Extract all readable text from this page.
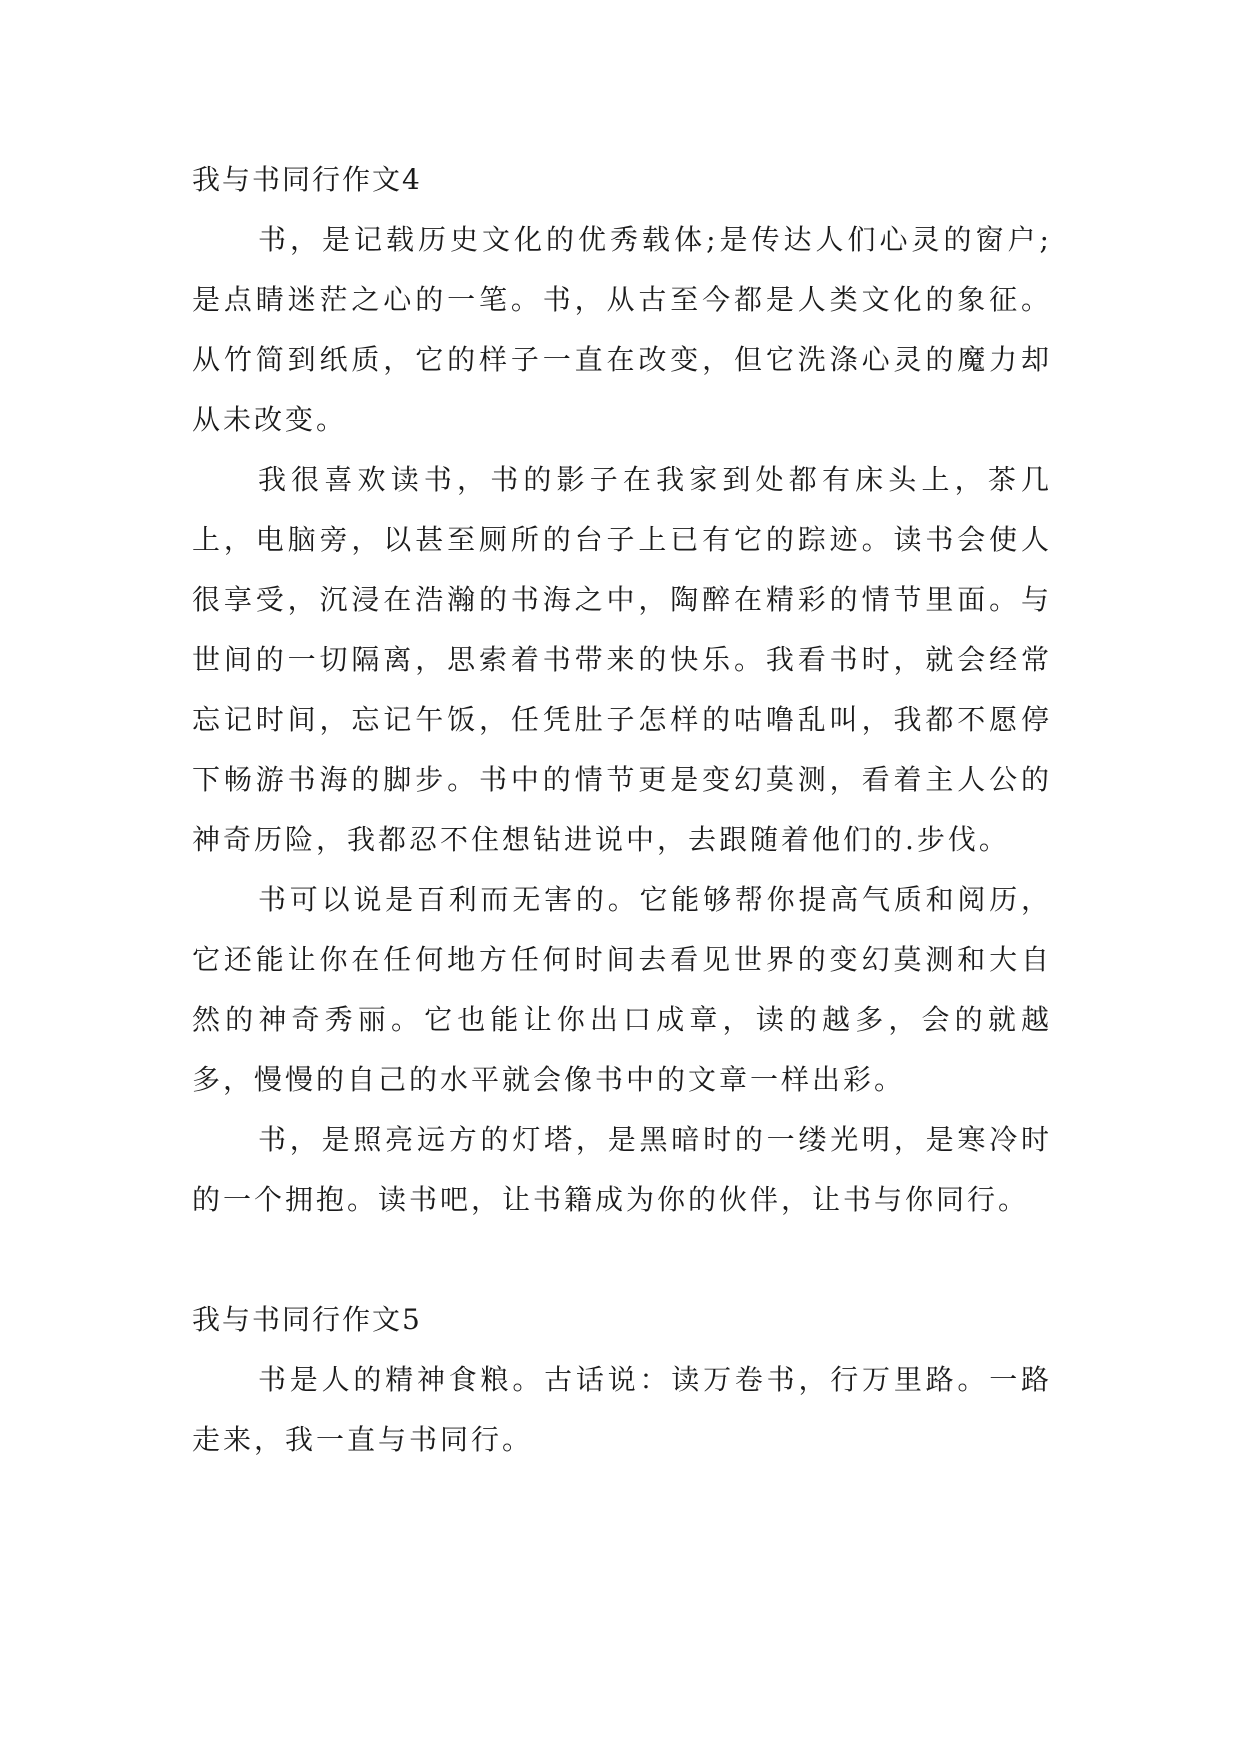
我与书同行作文4

书，是记载历史文化的优秀载体;是传达人们心灵的窗户;是点睛迷茫之心的一笔。书，从古至今都是人类文化的象征。从竹简到纸质，它的样子一直在改变，但它洗涤心灵的魔力却从未改变。

我很喜欢读书，书的影子在我家到处都有床头上，茶几上，电脑旁，以甚至厕所的台子上已有它的踪迹。读书会使人很享受，沉浸在浩瀚的书海之中，陶醉在精彩的情节里面。与世间的一切隔离，思索着书带来的快乐。我看书时，就会经常忘记时间，忘记午饭，任凭肚子怎样的咕噜乱叫，我都不愿停下畅游书海的脚步。书中的情节更是变幻莫测，看着主人公的神奇历险，我都忍不住想钻进说中，去跟随着他们的.步伐。

书可以说是百利而无害的。它能够帮你提高气质和阅历，它还能让你在任何地方任何时间去看见世界的变幻莫测和大自然的神奇秀丽。它也能让你出口成章，读的越多，会的就越多，慢慢的自己的水平就会像书中的文章一样出彩。

书，是照亮远方的灯塔，是黑暗时的一缕光明，是寒冷时的一个拥抱。读书吧，让书籍成为你的伙伴，让书与你同行。

我与书同行作文5

书是人的精神食粮。古话说：读万卷书，行万里路。一路走来，我一直与书同行。
